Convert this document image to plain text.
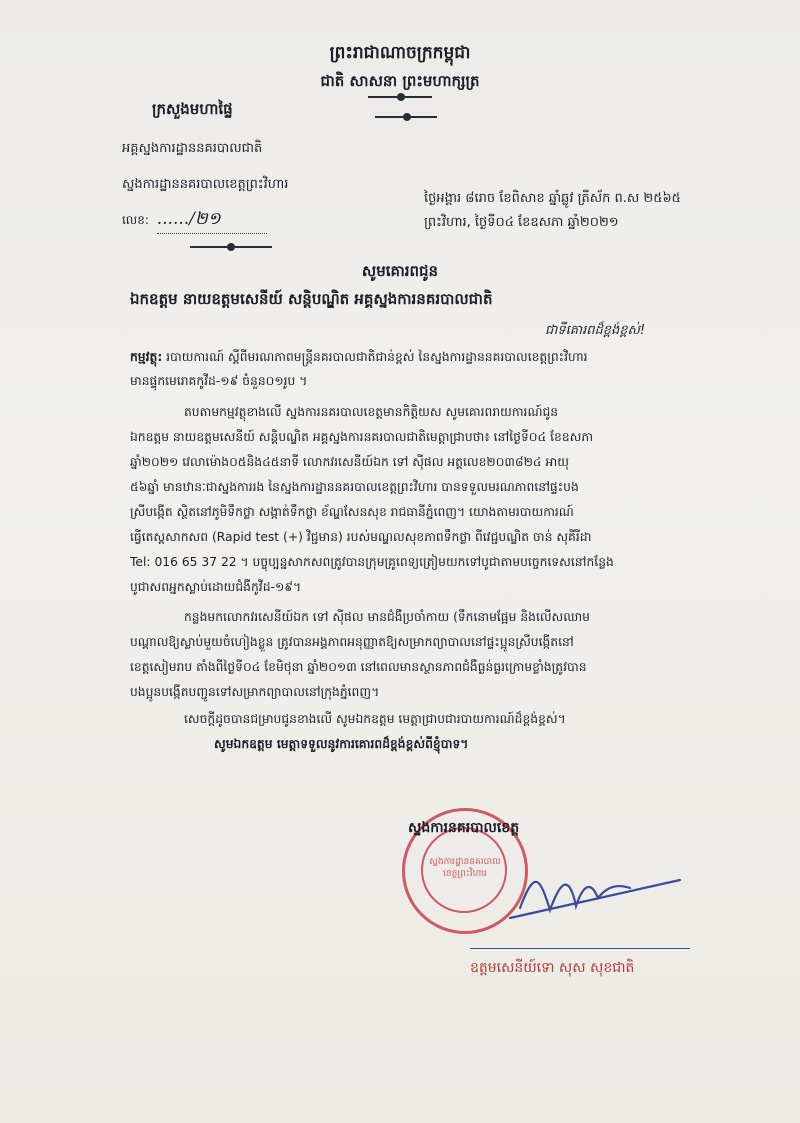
ព្រះរាជាណាចក្រកម្ពុជា
ជាតិ សាសនា ព្រះមហាក្សត្រ
ក្រសួងមហាផ្ទៃ
អគ្គស្នងការដ្ឋាននគរបាលជាតិ
ស្នងការដ្ឋាននគរបាលខេត្តព្រះវិហារ
លេខ: ....../២១
ថ្ងៃអង្គារ ៨រោច ខែពិសាខ ឆ្នាំឆ្លូវ ត្រីស័ក ព.ស ២៥៦៥
ព្រះវិហារ, ថ្ងៃទី០៤ ខែឧសភា ឆ្នាំ២០២១
សូមគោរពជូន
ឯកឧត្តម នាយឧត្តមសេនីយ៍ សន្តិបណ្ឌិត អគ្គស្នងការនគរបាលជាតិ
ជាទីគោរពដ៏ខ្ពង់ខ្ពស់!
កម្មវត្ថុ: របាយការណ៍ ស្តីពីមរណភាពមន្ត្រីនគរបាលជាតិជាន់ខ្ពស់ នៃស្នងការដ្ឋាននគរបាលខេត្តព្រះវិហារ
មានផ្ទុកមេរោគកូវីដ-១៩ ចំនួន០១រូប ។
តបតាមកម្មវត្ថុខាងលើ ស្នងការនគរបាលខេត្តមានកិត្តិយស សូមគោរពរាយការណ៍ជូន
ឯកឧត្តម នាយឧត្តមសេនីយ៍ សន្តិបណ្ឌិត អគ្គស្នងការនគរបាលជាតិមេត្តាជ្រាបថា៖ នៅថ្ងៃទី០៤ ខែឧសភា
ឆ្នាំ២០២១ វេលាម៉ោង០៥និង៤៥នាទី លោកវរសេនីយ៍ឯក ទៅ ស៊ីផល អត្តលេខ២០៣៨២៤ អាយុ
៥៦ឆ្នាំ មានឋានៈជាស្នងការរង នៃស្នងការដ្ឋាននគរបាលខេត្តព្រះវិហារ បានទទួលមរណភាពនៅផ្ទះបង
ស្រីបង្កើត ស្ថិតនៅភូមិទឹកថ្លា សង្កាត់ទឹកថ្លា ខ័ណ្ឌសែនសុខ រាជធានីភ្នំពេញ។ យោងតាមរបាយការណ៍
ធ្វើតេស្តសាកសព (Rapid test (+) វិជ្ជមាន) របស់មណ្ឌលសុខភាពទឹកថ្លា ពីវេជ្ជបណ្ឌិត ចាន់ សុគីរីដា
Tel: 016 65 37 22 ។ បច្ចុប្បន្នសាកសពត្រូវបានក្រុមគ្រូពេទ្យត្រៀមយកទៅបូជាតាមបច្ចេកទេសនៅកន្លែង
បូជាសពអ្នកស្លាប់ដោយជំងឺកូវីដ-១៩។
កន្លងមកលោកវរសេនីយ៍ឯក ទៅ ស៊ីផល មានជំងឺប្រចាំកាយ (ទឹកនោមផ្អែម និងលើសឈាម
បណ្តាលឱ្យស្លាប់មួយចំហៀងខ្លួន ត្រូវបានអង្គភាពអនុញ្ញាតឱ្យសម្រាកព្យាបាលនៅផ្ទះប្អូនស្រីបង្កើតនៅ
ខេត្តសៀមរាប តាំងពីថ្ងៃទី០៤ ខែមិថុនា ឆ្នាំ២០១៣ នៅពេលមានស្ថានភាពជំងឺធ្ងន់ធ្ងរក្រោមខ្លាំងត្រូវបាន
បងប្អូនបង្កើតបញ្ជូនទៅសម្រាកព្យាបាលនៅក្រុងភ្នំពេញ។
សេចក្តីដូចបានជម្រាបជូនខាងលើ សូមឯកឧត្តម មេត្តាជ្រាបជារបាយការណ៍ដ៏ខ្ពង់ខ្ពស់។
សូមឯកឧត្តម មេត្តាទទួលនូវការគោរពដ៏ខ្ពង់ខ្ពស់ពីខ្ញុំបាទ។
ស្នងការដ្ឋាននគរបាលខេត្តព្រះវិហារ
ស្នងការនគរបាលខេត្ត
ឧត្តមសេនីយ៍ទោ សុស សុខជាតិ
